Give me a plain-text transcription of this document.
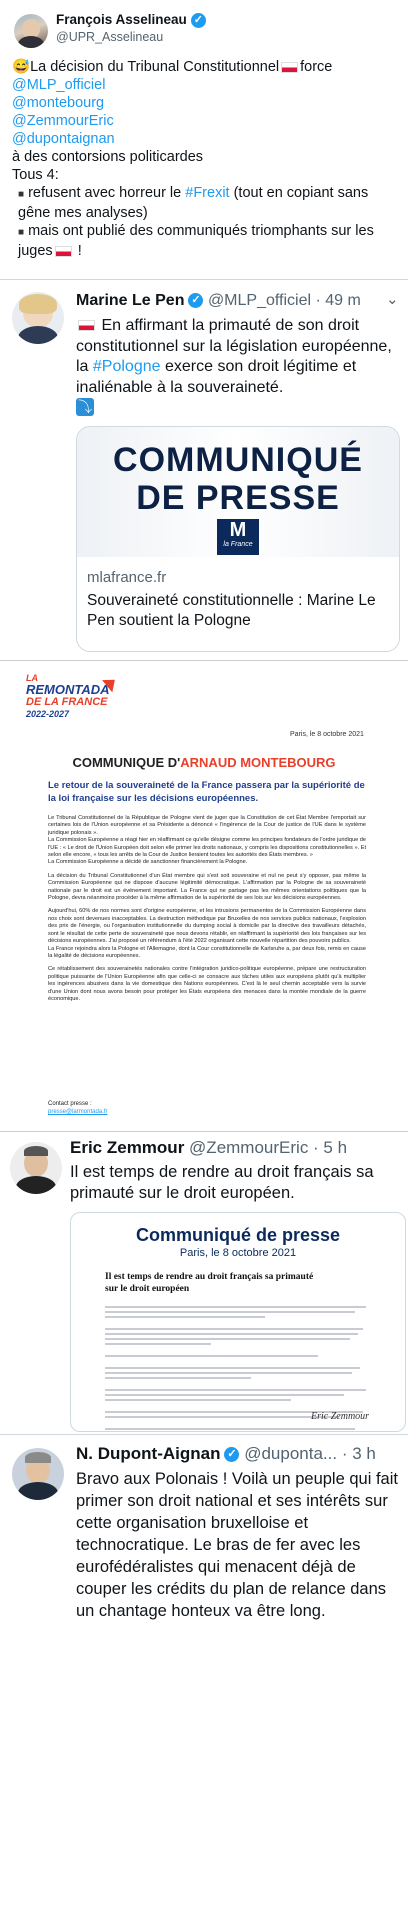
François Asselineau ✓
@UPR_Asselineau
😅La décision du Tribunal Constitutionnel force
@MLP_officiel
@montebourg
@ZemmourEric
@dupontaignan
à des contorsions politicardes
Tous 4:
■ refusent avec horreur le #Frexit (tout en copiant sans gêne mes analyses)
■ mais ont publié des communiqués triomphants sur les juges !
Marine Le Pen ✓ @MLP_officiel · 49 m	⌄
En affirmant la primauté de son droit constitutionnel sur la législation européenne, la #Pologne exerce son droit légitime et inaliénable à la souveraineté.
⤵
COMMUNIQUÉ
DE PRESSE
M
la France
mlafrance.fr
Souveraineté constitutionnelle : Marine Le Pen soutient la Pologne
LA
REMONTADA
DE LA FRANCE
2022-2027
Paris, le 8 octobre 2021
COMMUNIQUE D'ARNAUD MONTEBOURG
Le retour de la souveraineté de la France passera par la supériorité de la loi française sur les décisions européennes.
Le Tribunal Constitutionnel de la République de Pologne vient de juger que la Constitution de cet État Membre l'emportait sur certaines lois de l'Union européenne et sa Présidente a dénoncé « l'ingérence de la Cour de justice de l'UE dans le système juridique polonais ».
La Commission Européenne a réagi hier en réaffirmant ce qu'elle désigne comme les principes fondateurs de l'ordre juridique de l'UE : « Le droit de l'Union Européen doit selon elle primer les droits nationaux, y compris les dispositions constitutionnelles ». Et selon elle encore, « tous les arrêts de la Cour de Justice lieraient toutes les autorités des États membres. »
La Commission Européenne a décidé de sanctionner financièrement la Pologne.
La décision du Tribunal Constitutionnel d'un État membre qui s'est soit souveraine et nul ne peut s'y opposer, pas même la Commission Européenne qui ne dispose d'aucune légitimité démocratique. L'affirmation par la Pologne de sa souveraineté nationale par le droit est un événement important. La France qui ne partage pas les mêmes orientations politiques que la Pologne, devra néanmoins procéder à la même affirmation de la supériorité de ses lois sur les décisions européennes.
Aujourd'hui, 60% de nos normes sont d'origine européenne, et les intrusions permanentes de la Commission Européenne dans nos choix sont devenues inacceptables. La destruction méthodique par Bruxelles de nos services publics nationaux, l'explosion des prix de l'énergie, ou l'organisation institutionnelle du dumping social à domicile par la directive des travailleurs détachés, sont le résultat de cette perte de souveraineté que nous devons rétablir, en réaffirmant la supériorité des lois françaises sur les décisions européennes. J'ai proposé un référendum à l'été 2022 organisant cette nouvelle répartition des pouvoirs publics.
La France rejoindra alors la Pologne et l'Allemagne, dont la Cour constitutionnelle de Karlsruhe a, par deux fois, remis en cause la légalité de décisions européennes.
Ce rétablissement des souverainetés nationales contre l'intégration juridico-politique européenne, prépare une restructuration politique puissante de l'Union Européenne afin que celle-ci se consacre aux tâches utiles aux européens plutôt qu'à multiplier les ingérences abusives dans la vie domestique des Nations européennes. C'est là le seul chemin acceptable vers la survie d'une Union dont nous avons besoin pour protéger les États européens des menaces dans la montée mondiale de la guerre économique.
Contact presse :
presse@larmontada.fr
Eric Zemmour @ZemmourEric · 5 h
Il est temps de rendre au droit français sa primauté sur le droit européen.
Communiqué de presse
Paris, le 8 octobre 2021
Il est temps de rendre au droit français sa primauté sur le droit européen
Eric Zemmour
N. Dupont-Aignan ✓ @duponta... · 3 h
Bravo aux Polonais ! Voilà un peuple qui fait primer son droit national et ses intérêts sur cette organisation bruxelloise et technocratique. Le bras de fer avec les eurofédéralistes qui menacent déjà de couper les crédits du plan de relance dans un chantage honteux va être long.
